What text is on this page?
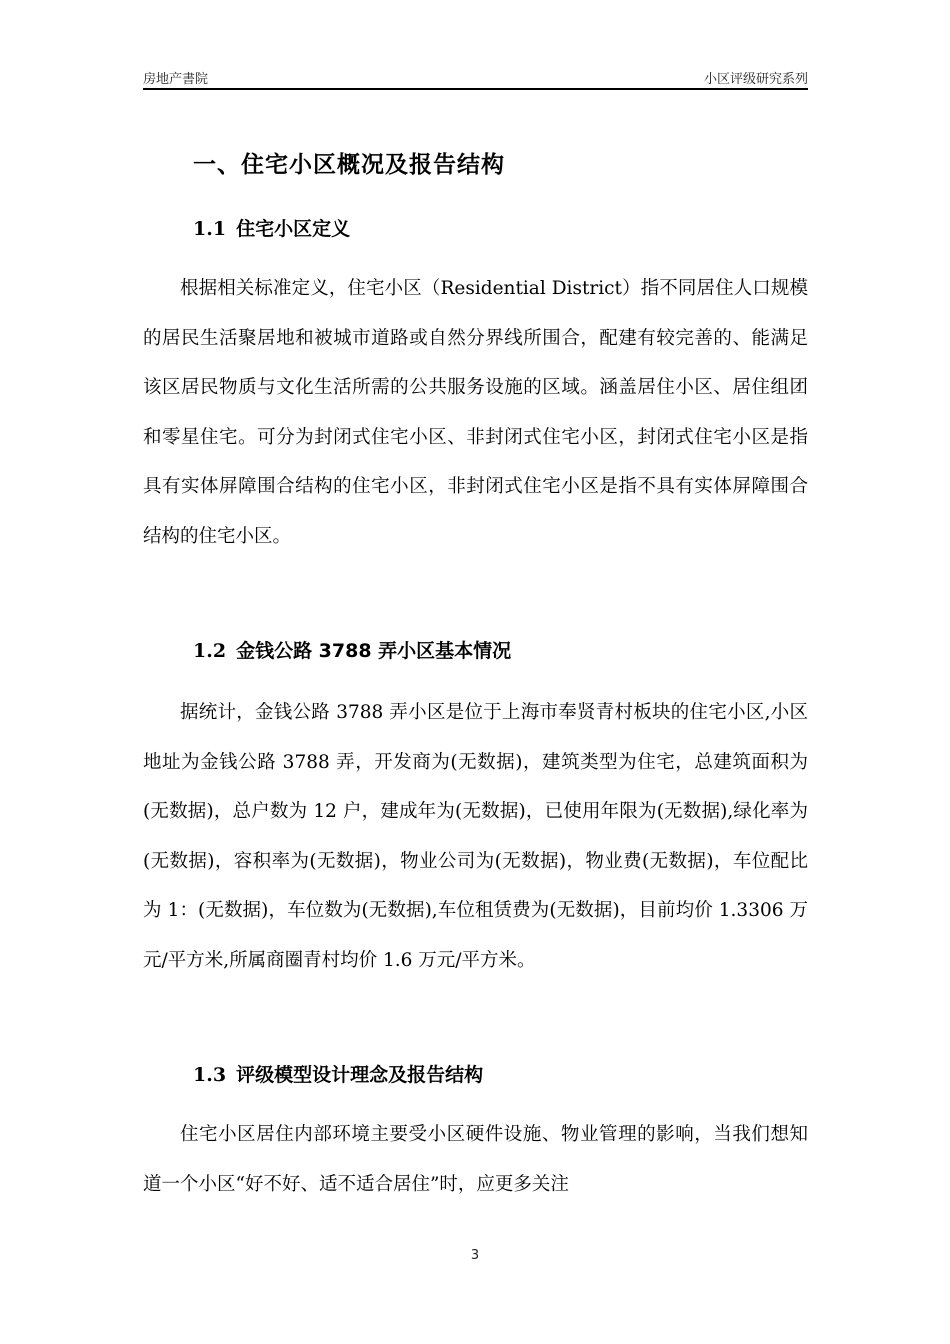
房地产書院	小区评级研究系列
一、住宅小区概况及报告结构
1.1 住宅小区定义

根据相关标准定义，住宅小区（Residential District）指不同居住人口规模的居民生活聚居地和被城市道路或自然分界线所围合，配建有较完善的、能满足该区居民物质与文化生活所需的公共服务设施的区域。涵盖居住小区、居住组团和零星住宅。可分为封闭式住宅小区、非封闭式住宅小区，封闭式住宅小区是指具有实体屏障围合结构的住宅小区，非封闭式住宅小区是指不具有实体屏障围合结构的住宅小区。

1.2 金钱公路 3788 弄小区基本情况

据统计，金钱公路 3788 弄小区是位于上海市奉贤青村板块的住宅小区,小区地址为金钱公路 3788 弄，开发商为(无数据)，建筑类型为住宅，总建筑面积为(无数据)，总户数为 12 户，建成年为(无数据)，已使用年限为(无数据),绿化率为(无数据)，容积率为(无数据)，物业公司为(无数据)，物业费(无数据)，车位配比为 1：(无数据)，车位数为(无数据),车位租赁费为(无数据)，目前均价 1.3306 万元/平方米,所属商圈青村均价 1.6 万元/平方米。

1.3 评级模型设计理念及报告结构

住宅小区居住内部环境主要受小区硬件设施、物业管理的影响，当我们想知道一个小区“好不好、适不适合居住”时，应更多关注

3
